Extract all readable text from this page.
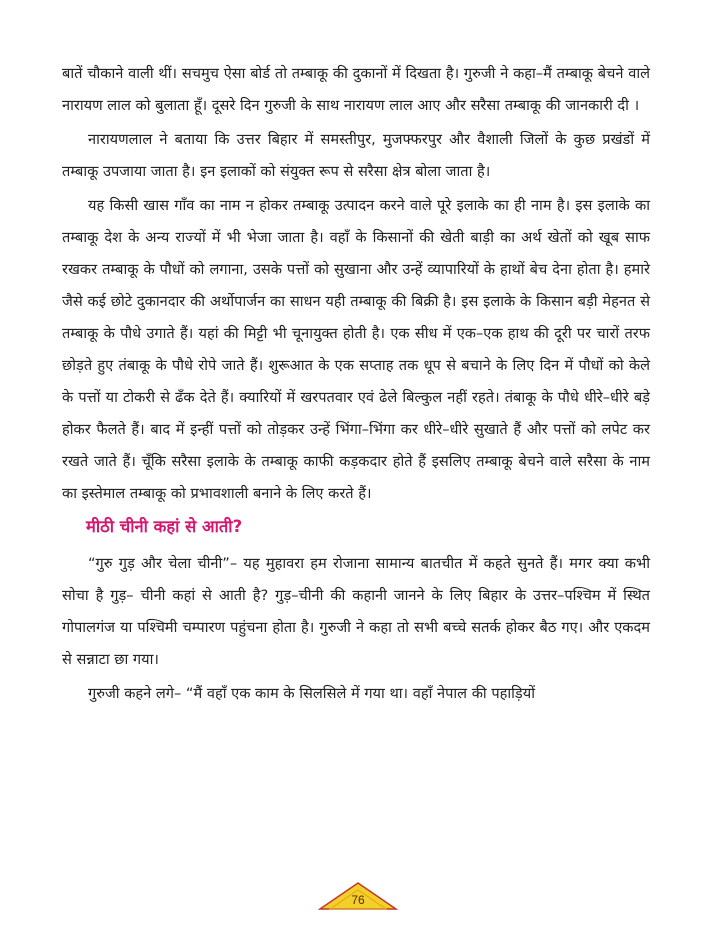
बातें चौकाने वाली थीं। सचमुच ऐसा बोर्ड तो तम्बाकू की दुकानों में दिखता है। गुरुजी ने कहा–मैं तम्बाकू बेचने वाले नारायण लाल को बुलाता हूँ। दूसरे दिन गुरुजी के साथ नारायण लाल आए और सरैसा तम्बाकू की जानकारी दी ।

नारायणलाल ने बताया कि उत्तर बिहार में समस्तीपुर, मुजफ्फरपुर और वैशाली जिलों के कुछ प्रखंडों में तम्बाकू उपजाया जाता है। इन इलाकों को संयुक्त रूप से सरैसा क्षेत्र बोला जाता है।

यह किसी खास गाँव का नाम न होकर तम्बाकू उत्पादन करने वाले पूरे इलाके का ही नाम है। इस इलाके का तम्बाकू देश के अन्य राज्यों में भी भेजा जाता है। वहाँ के किसानों की खेती बाड़ी का अर्थ खेतों को खूब साफ रखकर तम्बाकू के पौधों को लगाना, उसके पत्तों को सुखाना और उन्हें व्यापारियों के हाथों बेच देना होता है। हमारे जैसे कई छोटे दुकानदार की अर्थोपार्जन का साधन यही तम्बाकू की बिक्री है। इस इलाके के किसान बड़ी मेहनत से तम्बाकू के पौधे उगाते हैं। यहां की मिट्टी भी चूनायुक्त होती है। एक सीध में एक–एक हाथ की दूरी पर चारों तरफ छोड़ते हुए तंबाकू के पौधे रोपे जाते हैं। शुरूआत के एक सप्ताह तक धूप से बचाने के लिए दिन में पौधों को केले के पत्तों या टोकरी से ढँक देते हैं। क्यारियों में खरपतवार एवं ढेले बिल्कुल नहीं रहते। तंबाकू के पौधे धीरे–धीरे बड़े होकर फैलते हैं। बाद में इन्हीं पत्तों को तोड़कर उन्हें भिंगा–भिंगा कर धीरे–धीरे सुखाते हैं और पत्तों को लपेट कर रखते जाते हैं। चूँकि सरैसा इलाके के तम्बाकू काफी कड़कदार होते हैं इसलिए तम्बाकू बेचने वाले सरैसा के नाम का इस्तेमाल तम्बाकू को प्रभावशाली बनाने के लिए करते हैं।

मीठी चीनी कहां से आती?

“गुरु गुड़ और चेला चीनी”– यह मुहावरा हम रोजाना सामान्य बातचीत में कहते सुनते हैं। मगर क्या कभी सोचा है गुड़– चीनी कहां से आती है? गुड़–चीनी की कहानी जानने के लिए बिहार के उत्तर–पश्चिम में स्थित गोपालगंज या पश्चिमी चम्पारण पहुंचना होता है। गुरुजी ने कहा तो सभी बच्चे सतर्क होकर बैठ गए। और एकदम से सन्नाटा छा गया।

गुरुजी कहने लगे– “मैं वहाँ एक काम के सिलसिले में गया था। वहाँ नेपाल की पहाड़ियों

76
